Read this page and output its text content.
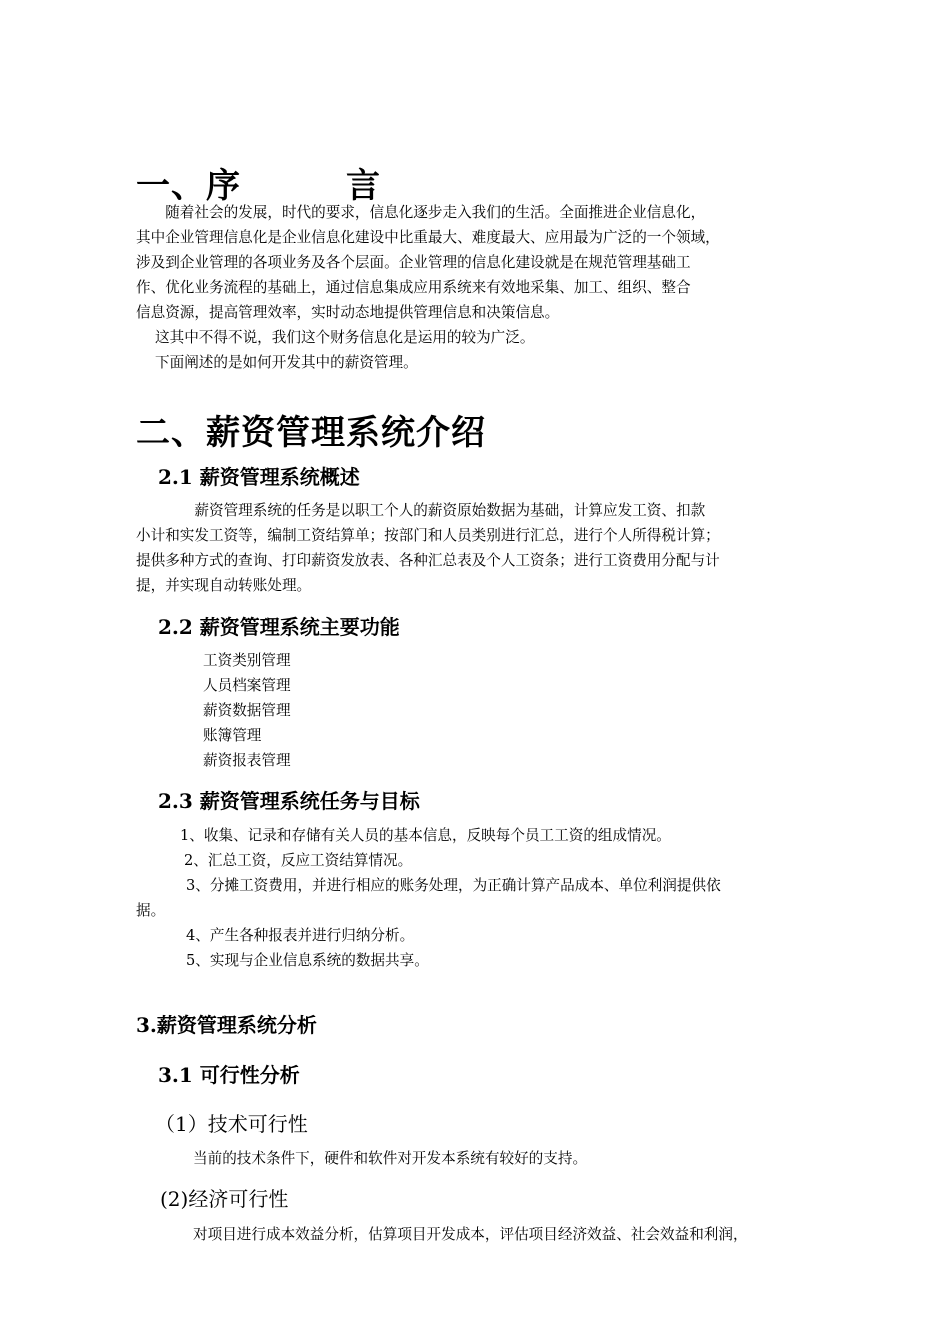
一、序　　　言
　　随着社会的发展，时代的要求，信息化逐步走入我们的生活。全面推进企业信息化，
其中企业管理信息化是企业信息化建设中比重最大、难度最大、应用最为广泛的一个领域，
涉及到企业管理的各项业务及各个层面。企业管理的信息化建设就是在规范管理基础工
作、优化业务流程的基础上，通过信息集成应用系统来有效地采集、加工、组织、整合
信息资源，提高管理效率，实时动态地提供管理信息和决策信息。
这其中不得不说，我们这个财务信息化是运用的较为广泛。
下面阐述的是如何开发其中的薪资管理。
二、薪资管理系统介绍
2.1 薪资管理系统概述
　　　　薪资管理系统的任务是以职工个人的薪资原始数据为基础，计算应发工资、扣款
小计和实发工资等，编制工资结算单；按部门和人员类别进行汇总，进行个人所得税计算；
提供多种方式的查询、打印薪资发放表、各种汇总表及个人工资条；进行工资费用分配与计
提，并实现自动转账处理。
2.2 薪资管理系统主要功能
工资类别管理
人员档案管理
薪资数据管理
账簿管理
薪资报表管理
2.3 薪资管理系统任务与目标
1、收集、记录和存储有关人员的基本信息，反映每个员工工资的组成情况。
2、汇总工资，反应工资结算情况。
3、分摊工资费用，并进行相应的账务处理，为正确计算产品成本、单位利润提供依
据。
4、产生各种报表并进行归纳分析。
5、实现与企业信息系统的数据共享。
3.薪资管理系统分析
3.1 可行性分析
（1）技术可行性
当前的技术条件下，硬件和软件对开发本系统有较好的支持。
(2)经济可行性
对项目进行成本效益分析，估算项目开发成本，评估项目经济效益、社会效益和利润，
